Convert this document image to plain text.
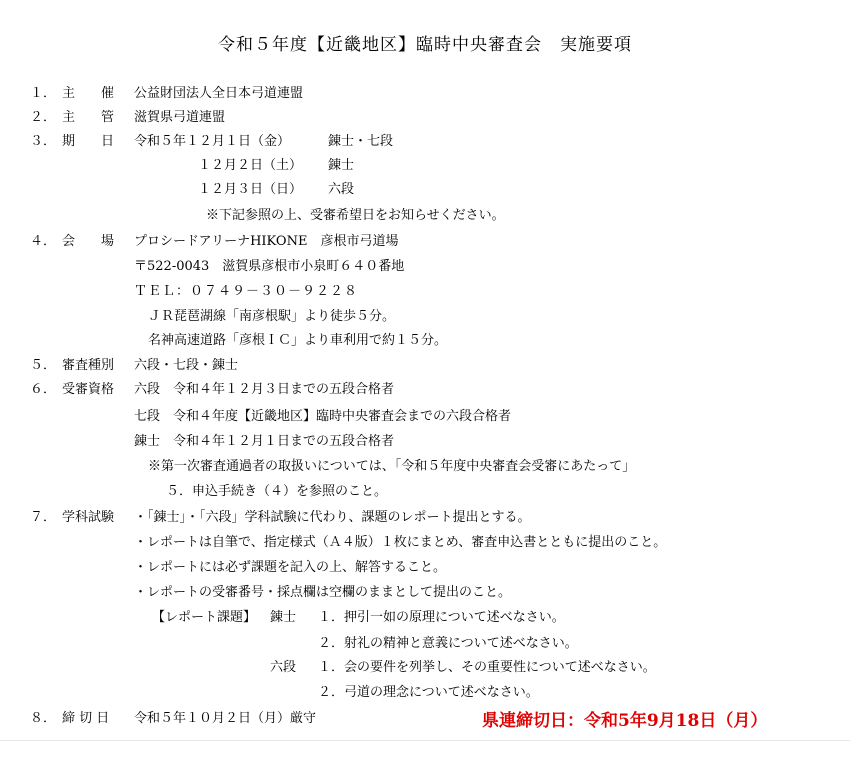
令和５年度【近畿地区】臨時中央審査会　実施要項
１． 主　　催 公益財団法人全日本弓道連盟
２． 主　　管 滋賀県弓道連盟
３． 期　　日 令和５年１２月１日（金）	錬士・七段
１２月２日（土） 錬士
１２月３日（日） 六段
※下記参照の上、受審希望日をお知らせください。
４． 会　　場 プロシードアリーナHIKONE　彦根市弓道場
〒522-0043　滋賀県彦根市小泉町６４０番地
ＴＥＬ：０７４９－３０－９２２８
ＪＲ琵琶湖線「南彦根駅」より徒歩５分。
名神高速道路「彦根ＩＣ」より車利用で約１５分。
５． 審査種別 六段・七段・錬士
６． 受審資格 六段　令和４年１２月３日までの五段合格者
七段　令和４年度【近畿地区】臨時中央審査会までの六段合格者
錬士　令和４年１２月１日までの五段合格者
※第一次審査通過者の取扱いについては、「令和５年度中央審査会受審にあたって」
５．申込手続き（４）を参照のこと。
７． 学科試験 ・「錬士」・「六段」学科試験に代わり、課題のレポート提出とする。
・レポートは自筆で、指定様式（Ａ４版）１枚にまとめ、審査申込書とともに提出のこと。
・レポートには必ず課題を記入の上、解答すること。
・レポートの受審番号・採点欄は空欄のままとして提出のこと。
【レポート課題】 錬士 １．押引一如の原理について述べなさい。
２．射礼の精神と意義について述べなさい。
六段 １．会の要件を列挙し、その重要性について述べなさい。
２．弓道の理念について述べなさい。
８． 締 切 日 令和５年１０月２日（月）厳守	県連締切日：令和5年9月18日（月）
